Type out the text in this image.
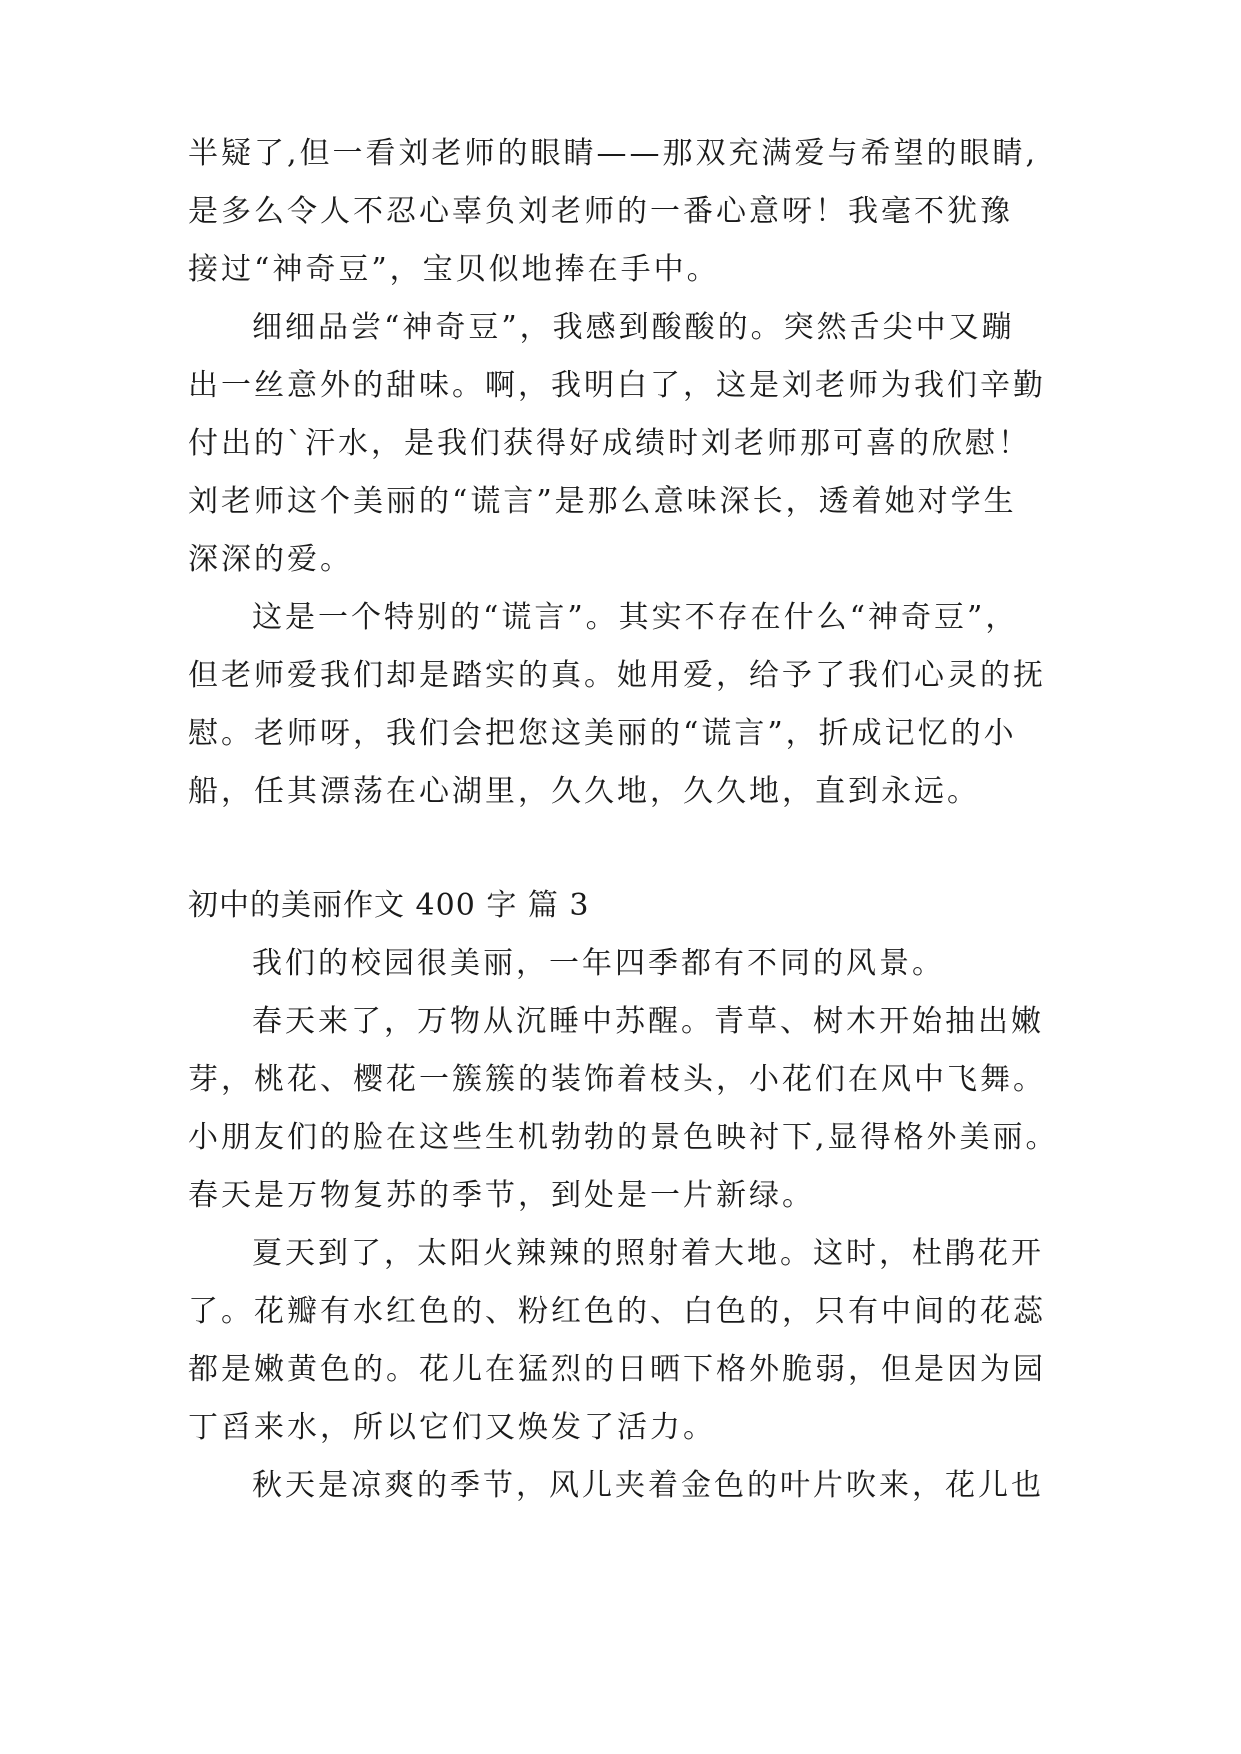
半疑了,但一看刘老师的眼睛——那双充满爱与希望的眼睛,
是多么令人不忍心辜负刘老师的一番心意呀！我毫不犹豫
接过“神奇豆”，宝贝似地捧在手中。
细细品尝“神奇豆”，我感到酸酸的。突然舌尖中又蹦
出一丝意外的甜味。啊，我明白了，这是刘老师为我们辛勤
付出的`汗水，是我们获得好成绩时刘老师那可喜的欣慰！
刘老师这个美丽的“谎言”是那么意味深长，透着她对学生
深深的爱。
这是一个特别的“谎言”。其实不存在什么“神奇豆”，
但老师爱我们却是踏实的真。她用爱，给予了我们心灵的抚
慰。老师呀，我们会把您这美丽的“谎言”，折成记忆的小
船，任其漂荡在心湖里，久久地，久久地，直到永远。
初中的美丽作文 400 字 篇 3
我们的校园很美丽，一年四季都有不同的风景。
春天来了，万物从沉睡中苏醒。青草、树木开始抽出嫩
芽，桃花、樱花一簇簇的装饰着枝头，小花们在风中飞舞。
小朋友们的脸在这些生机勃勃的景色映衬下,显得格外美丽。
春天是万物复苏的季节，到处是一片新绿。
夏天到了，太阳火辣辣的照射着大地。这时，杜鹃花开
了。花瓣有水红色的、粉红色的、白色的，只有中间的花蕊
都是嫩黄色的。花儿在猛烈的日晒下格外脆弱，但是因为园
丁舀来水，所以它们又焕发了活力。
秋天是凉爽的季节，风儿夹着金色的叶片吹来，花儿也
